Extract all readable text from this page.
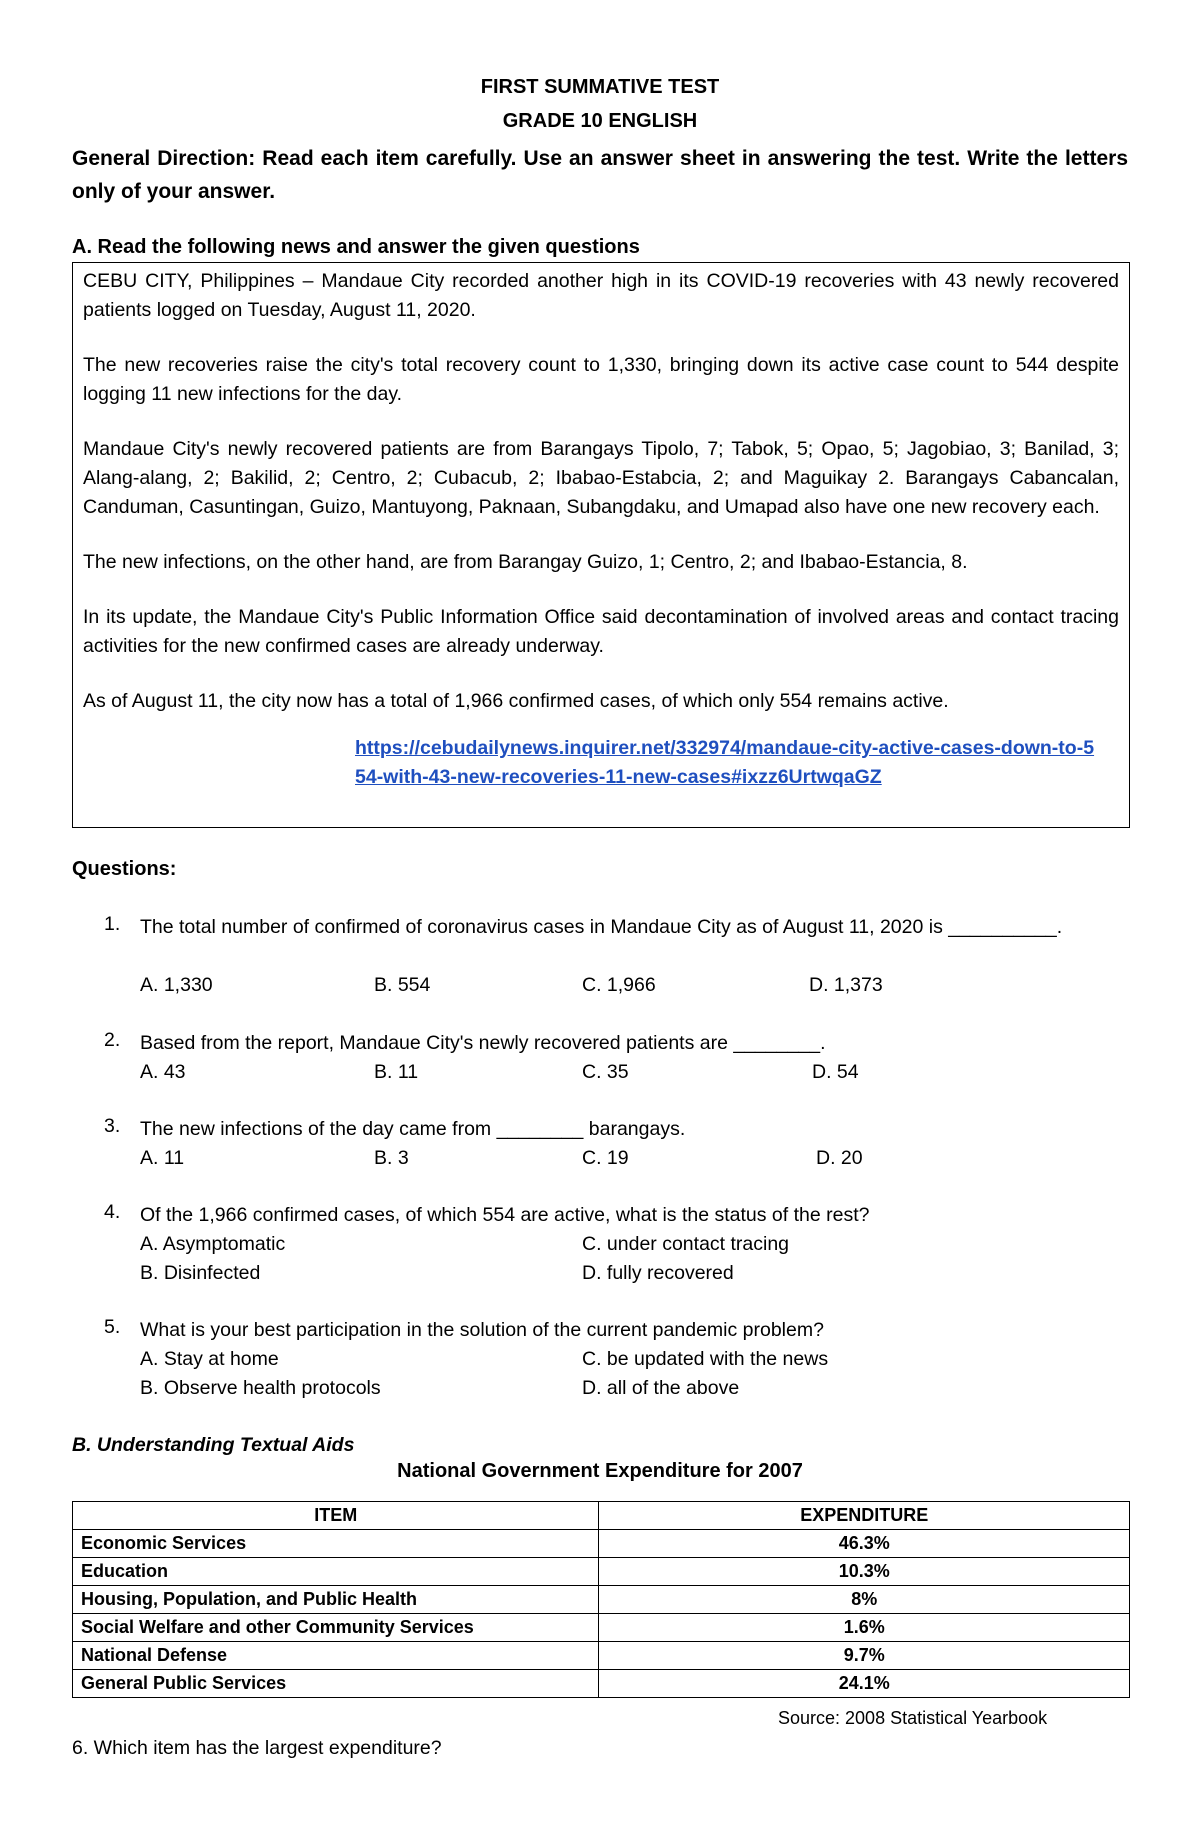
FIRST SUMMATIVE TEST
GRADE 10 ENGLISH
General Direction: Read each item carefully. Use an answer sheet in answering the test. Write the letters only of your answer.
A. Read the following news and answer the given questions

CEBU CITY, Philippines – Mandaue City recorded another high in its COVID-19 recoveries with 43 newly recovered patients logged on Tuesday, August 11, 2020.

The new recoveries raise the city's total recovery count to 1,330, bringing down its active case count to 544 despite logging 11 new infections for the day.

Mandaue City's newly recovered patients are from Barangays Tipolo, 7; Tabok, 5; Opao, 5; Jagobiao, 3; Banilad, 3; Alang-alang, 2; Bakilid, 2; Centro, 2; Cubacub, 2; Ibabao-Estabcia, 2; and Maguikay 2. Barangays Cabancalan, Canduman, Casuntingan, Guizo, Mantuyong, Paknaan, Subangdaku, and Umapad also have one new recovery each.

The new infections, on the other hand, are from Barangay Guizo, 1; Centro, 2; and Ibabao-Estancia, 8.

In its update, the Mandaue City's Public Information Office said decontamination of involved areas and contact tracing activities for the new confirmed cases are already underway.

As of August 11, the city now has a total of 1,966 confirmed cases, of which only 554 remains active.

https://cebudailynews.inquirer.net/332974/mandaue-city-active-cases-down-to-554-with-43-new-recoveries-11-new-cases#ixzz6UrtwqaGZ
Questions:
1. The total number of confirmed of coronavirus cases in Mandaue City as of August 11, 2020 is __________.
A. 1,330	B. 554	C. 1,966	D. 1,373
2. Based from the report, Mandaue City's newly recovered patients are ________.
A. 43	B. 11	C. 35	D. 54
3. The new infections of the day came from ________ barangays.
A. 11	B. 3	C. 19	D. 20
4. Of the 1,966 confirmed cases, of which 554 are active, what is the status of the rest?
A. Asymptomatic	C. under contact tracing
B. Disinfected	D. fully recovered
5. What is your best participation in the solution of the current pandemic problem?
A. Stay at home	C. be updated with the news
B. Observe health protocols	D. all of the above
B. Understanding Textual Aids
National Government Expenditure for 2007
ITEM	EXPENDITURE
Economic Services	46.3%
Education	10.3%
Housing, Population, and Public Health	8%
Social Welfare and other Community Services	1.6%
National Defense	9.7%
General Public Services	24.1%
Source: 2008 Statistical Yearbook
6. Which item has the largest expenditure?
